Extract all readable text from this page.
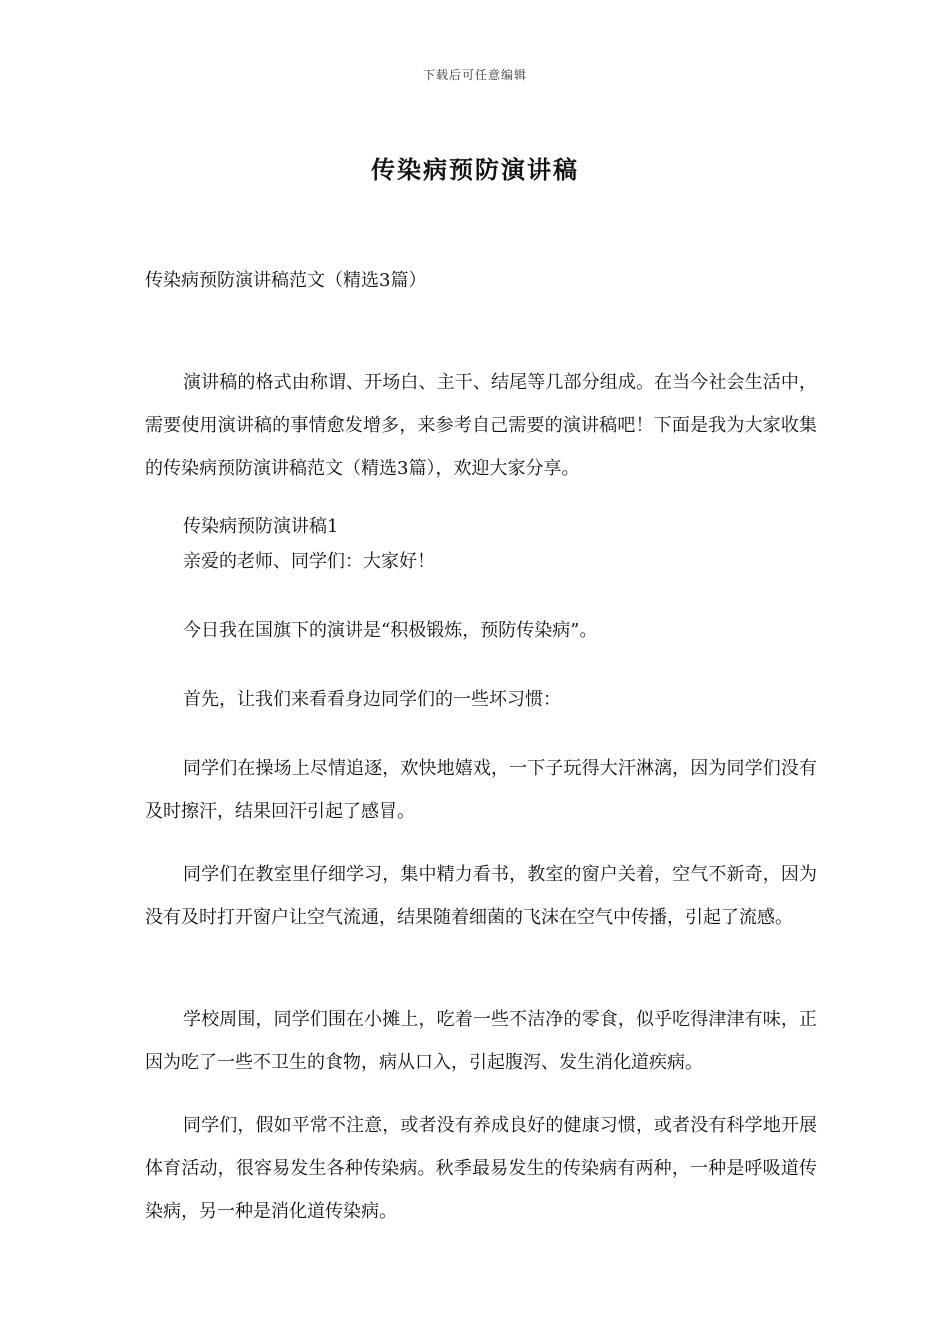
下载后可任意编辑
传染病预防演讲稿

传染病预防演讲稿范文（精选3篇）

演讲稿的格式由称谓、开场白、主干、结尾等几部分组成。在当今社会生活中，需要使用演讲稿的事情愈发增多，来参考自己需要的演讲稿吧！下面是我为大家收集的传染病预防演讲稿范文（精选3篇），欢迎大家分享。

传染病预防演讲稿1

亲爱的老师、同学们：大家好！

今日我在国旗下的演讲是“积极锻炼，预防传染病”。

首先，让我们来看看身边同学们的一些坏习惯：

同学们在操场上尽情追逐，欢快地嬉戏，一下子玩得大汗淋漓，因为同学们没有及时擦汗，结果回汗引起了感冒。

同学们在教室里仔细学习，集中精力看书，教室的窗户关着，空气不新奇，因为没有及时打开窗户让空气流通，结果随着细菌的飞沫在空气中传播，引起了流感。

学校周围，同学们围在小摊上，吃着一些不洁净的零食，似乎吃得津津有味，正因为吃了一些不卫生的食物，病从口入，引起腹泻、发生消化道疾病。

同学们，假如平常不注意，或者没有养成良好的健康习惯，或者没有科学地开展体育活动，很容易发生各种传染病。秋季最易发生的传染病有两种，一种是呼吸道传染病，另一种是消化道传染病。
